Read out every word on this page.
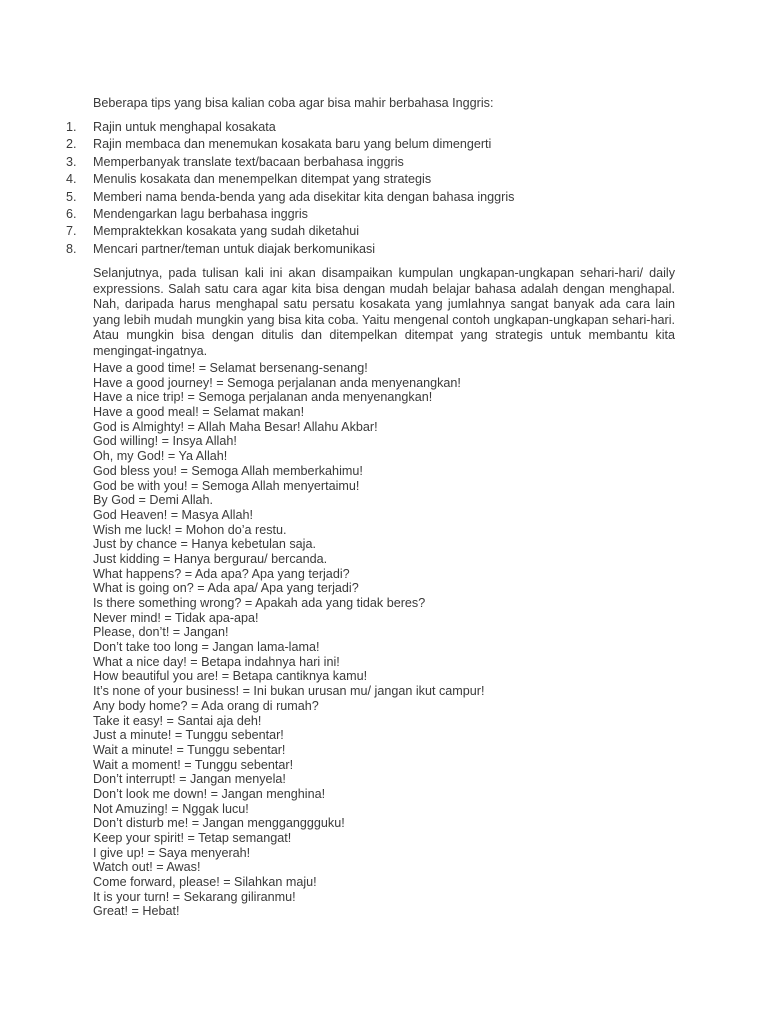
Beberapa tips yang bisa kalian coba agar bisa mahir berbahasa Inggris:

1.	Rajin untuk menghapal kosakata
2.	Rajin membaca dan menemukan kosakata baru yang belum dimengerti
3.	Memperbanyak translate text/bacaan berbahasa inggris
4.	Menulis kosakata dan menempelkan ditempat yang strategis
5.	Memberi nama benda-benda yang ada disekitar kita dengan bahasa inggris
6.	Mendengarkan lagu berbahasa inggris
7.	Mempraktekkan kosakata yang sudah diketahui
8.	Mencari partner/teman untuk diajak berkomunikasi

Selanjutnya, pada tulisan kali ini akan disampaikan kumpulan ungkapan-ungkapan sehari-hari/ daily expressions. Salah satu cara agar kita bisa dengan mudah belajar bahasa adalah dengan menghapal. Nah, daripada harus menghapal satu persatu kosakata yang jumlahnya sangat banyak ada cara lain yang lebih mudah mungkin yang bisa kita coba. Yaitu mengenal contoh ungkapan-ungkapan sehari-hari. Atau mungkin bisa dengan ditulis dan ditempelkan ditempat yang strategis untuk membantu kita mengingat-ingatnya.

Have a good time! = Selamat bersenang-senang!
Have a good journey! = Semoga perjalanan anda menyenangkan!
Have a nice trip! = Semoga perjalanan anda menyenangkan!
Have a good meal! = Selamat makan!
God is Almighty! = Allah Maha Besar! Allahu Akbar!
God willing! = Insya Allah!
Oh, my God! = Ya Allah!
God bless you! = Semoga Allah memberkahimu!
God be with you! = Semoga Allah menyertaimu!
By God = Demi Allah.
God Heaven! = Masya Allah!
Wish me luck! = Mohon do’a restu.
Just by chance = Hanya kebetulan saja.
Just kidding = Hanya bergurau/ bercanda.
What happens? = Ada apa? Apa yang terjadi?
What is going on? = Ada apa/ Apa yang terjadi?
Is there something wrong? = Apakah ada yang tidak beres?
Never mind! = Tidak apa-apa!
Please, don’t! = Jangan!
Don’t take too long = Jangan lama-lama!
What a nice day! = Betapa indahnya hari ini!
How beautiful you are! = Betapa cantiknya kamu!
It’s none of your business! = Ini bukan urusan mu/ jangan ikut campur!
Any body home? = Ada orang di rumah?
Take it easy! = Santai aja deh!
Just a minute! = Tunggu sebentar!
Wait a minute! = Tunggu sebentar!
Wait a moment! = Tunggu sebentar!
Don’t interrupt! = Jangan menyela!
Don’t look me down! = Jangan menghina!
Not Amuzing! = Nggak lucu!
Don’t disturb me! = Jangan mengganggguku!
Keep your spirit! = Tetap semangat!
I give up! = Saya menyerah!
Watch out! = Awas!
Come forward, please! = Silahkan maju!
It is your turn! = Sekarang giliranmu!
Great! = Hebat!
